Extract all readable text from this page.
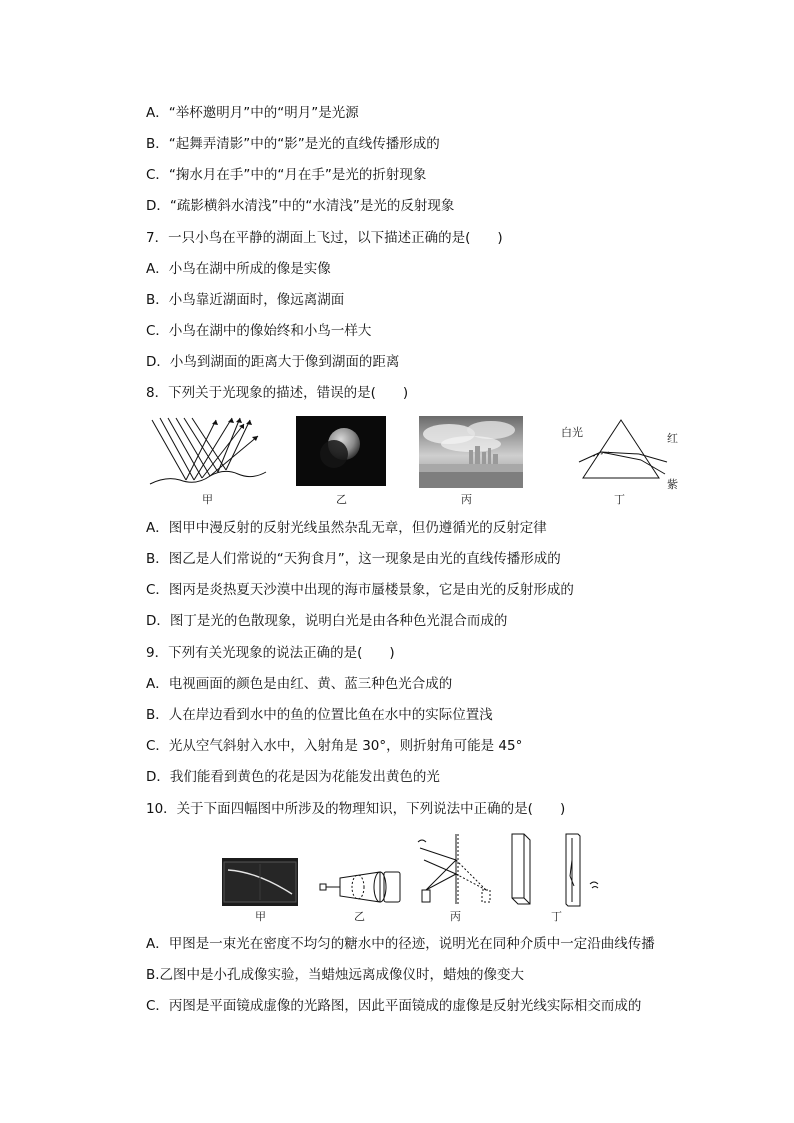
A．“举杯邀明月”中的“明月”是光源
B．“起舞弄清影”中的“影”是光的直线传播形成的
C．“掬水月在手”中的“月在手”是光的折射现象
D．“疏影横斜水清浅”中的“水清浅”是光的反射现象
7．一只小鸟在平静的湖面上飞过，以下描述正确的是(　　)
A．小鸟在湖中所成的像是实像
B．小鸟靠近湖面时，像远离湖面
C．小鸟在湖中的像始终和小鸟一样大
D．小鸟到湖面的距离大于像到湖面的距离
8．下列关于光现象的描述，错误的是(　　)
甲	乙	丙
白光	红
紫
丁
A．图甲中漫反射的反射光线虽然杂乱无章，但仍遵循光的反射定律
B．图乙是人们常说的“天狗食月”，这一现象是由光的直线传播形成的
C．图丙是炎热夏天沙漠中出现的海市蜃楼景象，它是由光的反射形成的
D．图丁是光的色散现象，说明白光是由各种色光混合而成的
9．下列有关光现象的说法正确的是(　　)
A．电视画面的颜色是由红、黄、蓝三种色光合成的
B．人在岸边看到水中的鱼的位置比鱼在水中的实际位置浅
C．光从空气斜射入水中，入射角是 30°，则折射角可能是 45°
D．我们能看到黄色的花是因为花能发出黄色的光
10．关于下面四幅图中所涉及的物理知识，下列说法中正确的是(　　)
甲	乙	丙	丁
A．甲图是一束光在密度不均匀的糖水中的径迹，说明光在同种介质中一定沿曲线传播
B.乙图中是小孔成像实验，当蜡烛远离成像仪时，蜡烛的像变大
C．丙图是平面镜成虚像的光路图，因此平面镜成的虚像是反射光线实际相交而成的
